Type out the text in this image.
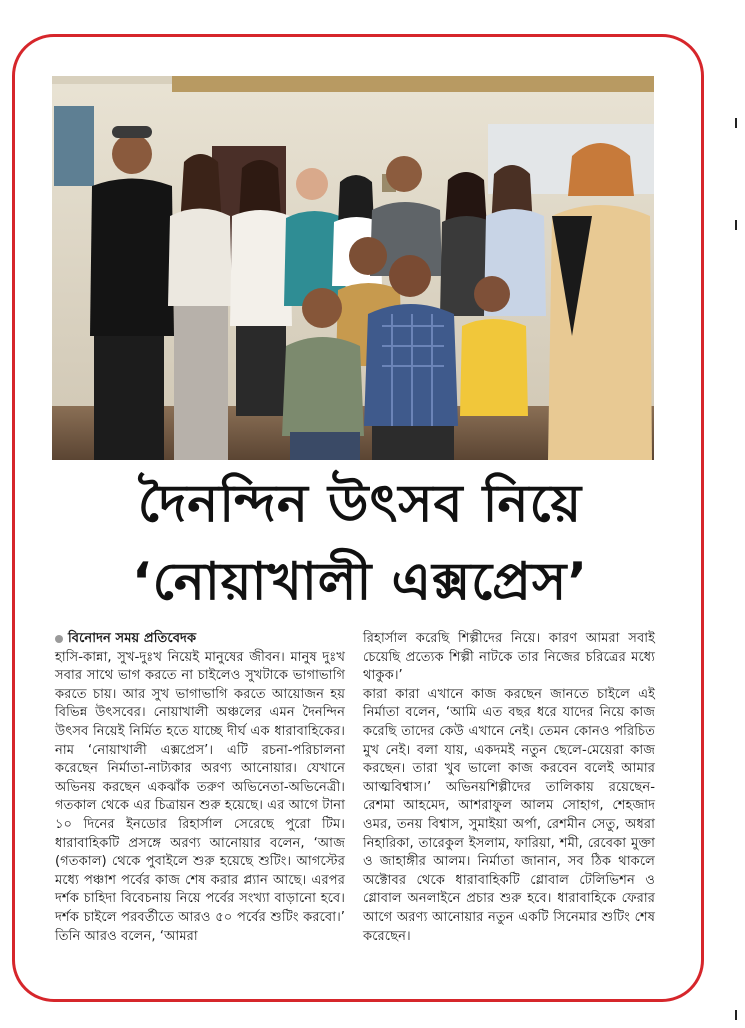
দৈনন্দিন উৎসব নিয়ে
‘নোয়াখালী এক্সপ্রেস’
বিনোদন সময় প্রতিবেদক

হাসি-কান্না, সুখ-দুঃখ নিয়েই মানুষের জীবন। মানুষ দুঃখ সবার সাথে ভাগ করতে না চাইলেও সুখটাকে ভাগাভাগি করতে চায়। আর সুখ ভাগাভাগি করতে আয়োজন হয় বিভিন্ন উৎসবের। নোয়াখালী অঞ্চলের এমন দৈনন্দিন উৎসব নিয়েই নির্মিত হতে যাচ্ছে দীর্ঘ এক ধারাবাহিকের। নাম ‘নোয়াখালী এক্সপ্রেস’। এটি রচনা-পরিচালনা করেছেন নির্মাতা-নাট্যকার অরণ্য আনোয়ার। যেখানে অভিনয় করছেন একঝাঁক তরুণ অভিনেতা-অভিনেত্রী। গতকাল থেকে এর চিত্রায়ন শুরু হয়েছে। এর আগে টানা ১০ দিনের ইনডোর রিহার্সাল সেরেছে পুরো টিম। ধারাবাহিকটি প্রসঙ্গে অরণ্য আনোয়ার বলেন, ‘আজ (গতকাল) থেকে পুবাইলে শুরু হয়েছে শুটিং। আগস্টের মধ্যে পঞ্চাশ পর্বের কাজ শেষ করার প্ল্যান আছে। এরপর দর্শক চাহিদা বিবেচনায় নিয়ে পর্বের সংখ্যা বাড়ানো হবে। দর্শক চাইলে পরবর্তীতে আরও ৫০ পর্বের শুটিং করবো।’ তিনি আরও বলেন, ‘আমরা

রিহার্সাল করেছি শিল্পীদের নিয়ে। কারণ আমরা সবাই চেয়েছি প্রত্যেক শিল্পী নাটকে তার নিজের চরিত্রের মধ্যে থাকুক।’

কারা কারা এখানে কাজ করছেন জানতে চাইলে এই নির্মাতা বলেন, ‘আমি এত বছর ধরে যাদের নিয়ে কাজ করেছি তাদের কেউ এখানে নেই। তেমন কোনও পরিচিত মুখ নেই। বলা যায়, একদমই নতুন ছেলে-মেয়েরা কাজ করছেন। তারা খুব ভালো কাজ করবেন বলেই আমার আত্মবিশ্বাস।’ অভিনয়শিল্পীদের তালিকায় রয়েছেন- রেশমা আহমেদ, আশরাফুল আলম সোহাগ, শেহজাদ ওমর, তনয় বিশ্বাস, সুমাইয়া অর্পা, রেশমীন সেতু, অধরা নিহারিকা, তারেকুল ইসলাম, ফারিয়া, শমী, রেবেকা মুক্তা ও জাহাঙ্গীর আলম। নির্মাতা জানান, সব ঠিক থাকলে অক্টোবর থেকে ধারাবাহিকটি গ্লোবাল টেলিভিশন ও গ্লোবাল অনলাইনে প্রচার শুরু হবে। ধারাবাহিকে ফেরার আগে অরণ্য আনোয়ার নতুন একটি সিনেমার শুটিং শেষ করেছেন।
